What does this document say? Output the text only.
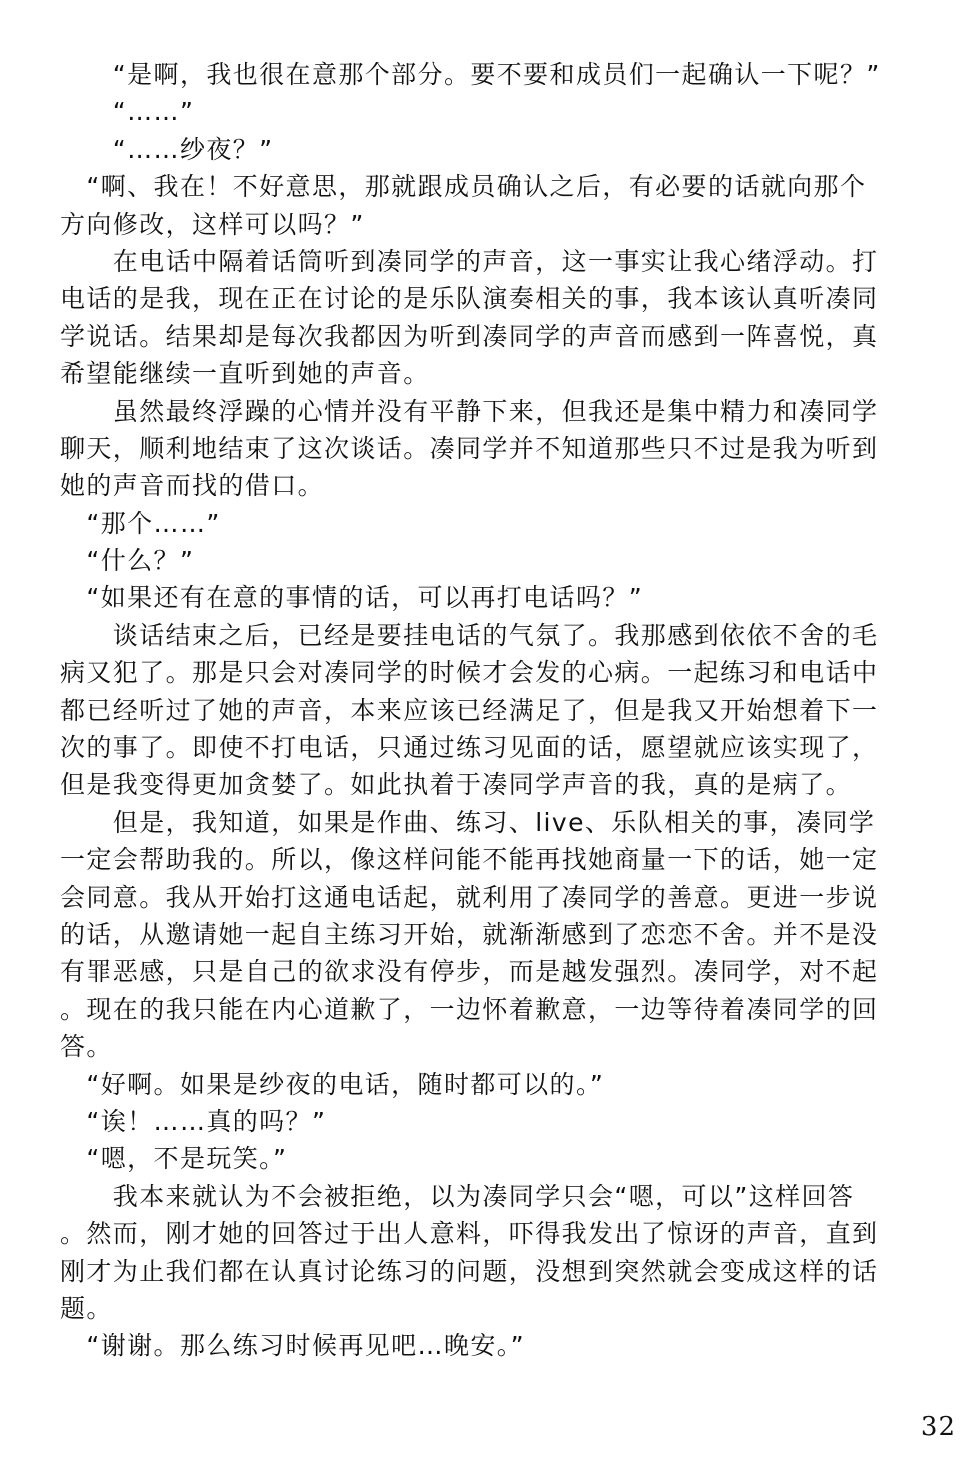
　　“是啊，我也很在意那个部分。要不要和成员们一起确认一下呢？”
　　“……”
　　“……纱夜？”
　“啊、我在！不好意思，那就跟成员确认之后，有必要的话就向那个
方向修改，这样可以吗？”
　　在电话中隔着话筒听到凑同学的声音，这一事实让我心绪浮动。打
电话的是我，现在正在讨论的是乐队演奏相关的事，我本该认真听凑同
学说话。结果却是每次我都因为听到凑同学的声音而感到一阵喜悦，真
希望能继续一直听到她的声音。
　　虽然最终浮躁的心情并没有平静下来，但我还是集中精力和凑同学
聊天，顺利地结束了这次谈话。凑同学并不知道那些只不过是我为听到
她的声音而找的借口。
　“那个……”
　“什么？”
　“如果还有在意的事情的话，可以再打电话吗？”
　　谈话结束之后，已经是要挂电话的气氛了。我那感到依依不舍的毛
病又犯了。那是只会对凑同学的时候才会发的心病。一起练习和电话中
都已经听过了她的声音，本来应该已经满足了，但是我又开始想着下一
次的事了。即使不打电话，只通过练习见面的话，愿望就应该实现了，
但是我变得更加贪婪了。如此执着于凑同学声音的我，真的是病了。
　　但是，我知道，如果是作曲、练习、live、乐队相关的事，凑同学
一定会帮助我的。所以，像这样问能不能再找她商量一下的话，她一定
会同意。我从开始打这通电话起，就利用了凑同学的善意。更进一步说
的话，从邀请她一起自主练习开始，就渐渐感到了恋恋不舍。并不是没
有罪恶感，只是自己的欲求没有停步，而是越发强烈。凑同学，对不起
。现在的我只能在内心道歉了，一边怀着歉意，一边等待着凑同学的回
答。
　“好啊。如果是纱夜的电话，随时都可以的。”
　“诶！……真的吗？”
　“嗯，不是玩笑。”
　　我本来就认为不会被拒绝，以为凑同学只会“嗯，可以”这样回答
。然而，刚才她的回答过于出人意料，吓得我发出了惊讶的声音，直到
刚才为止我们都在认真讨论练习的问题，没想到突然就会变成这样的话
题。
　“谢谢。那么练习时候再见吧…晚安。”
32
